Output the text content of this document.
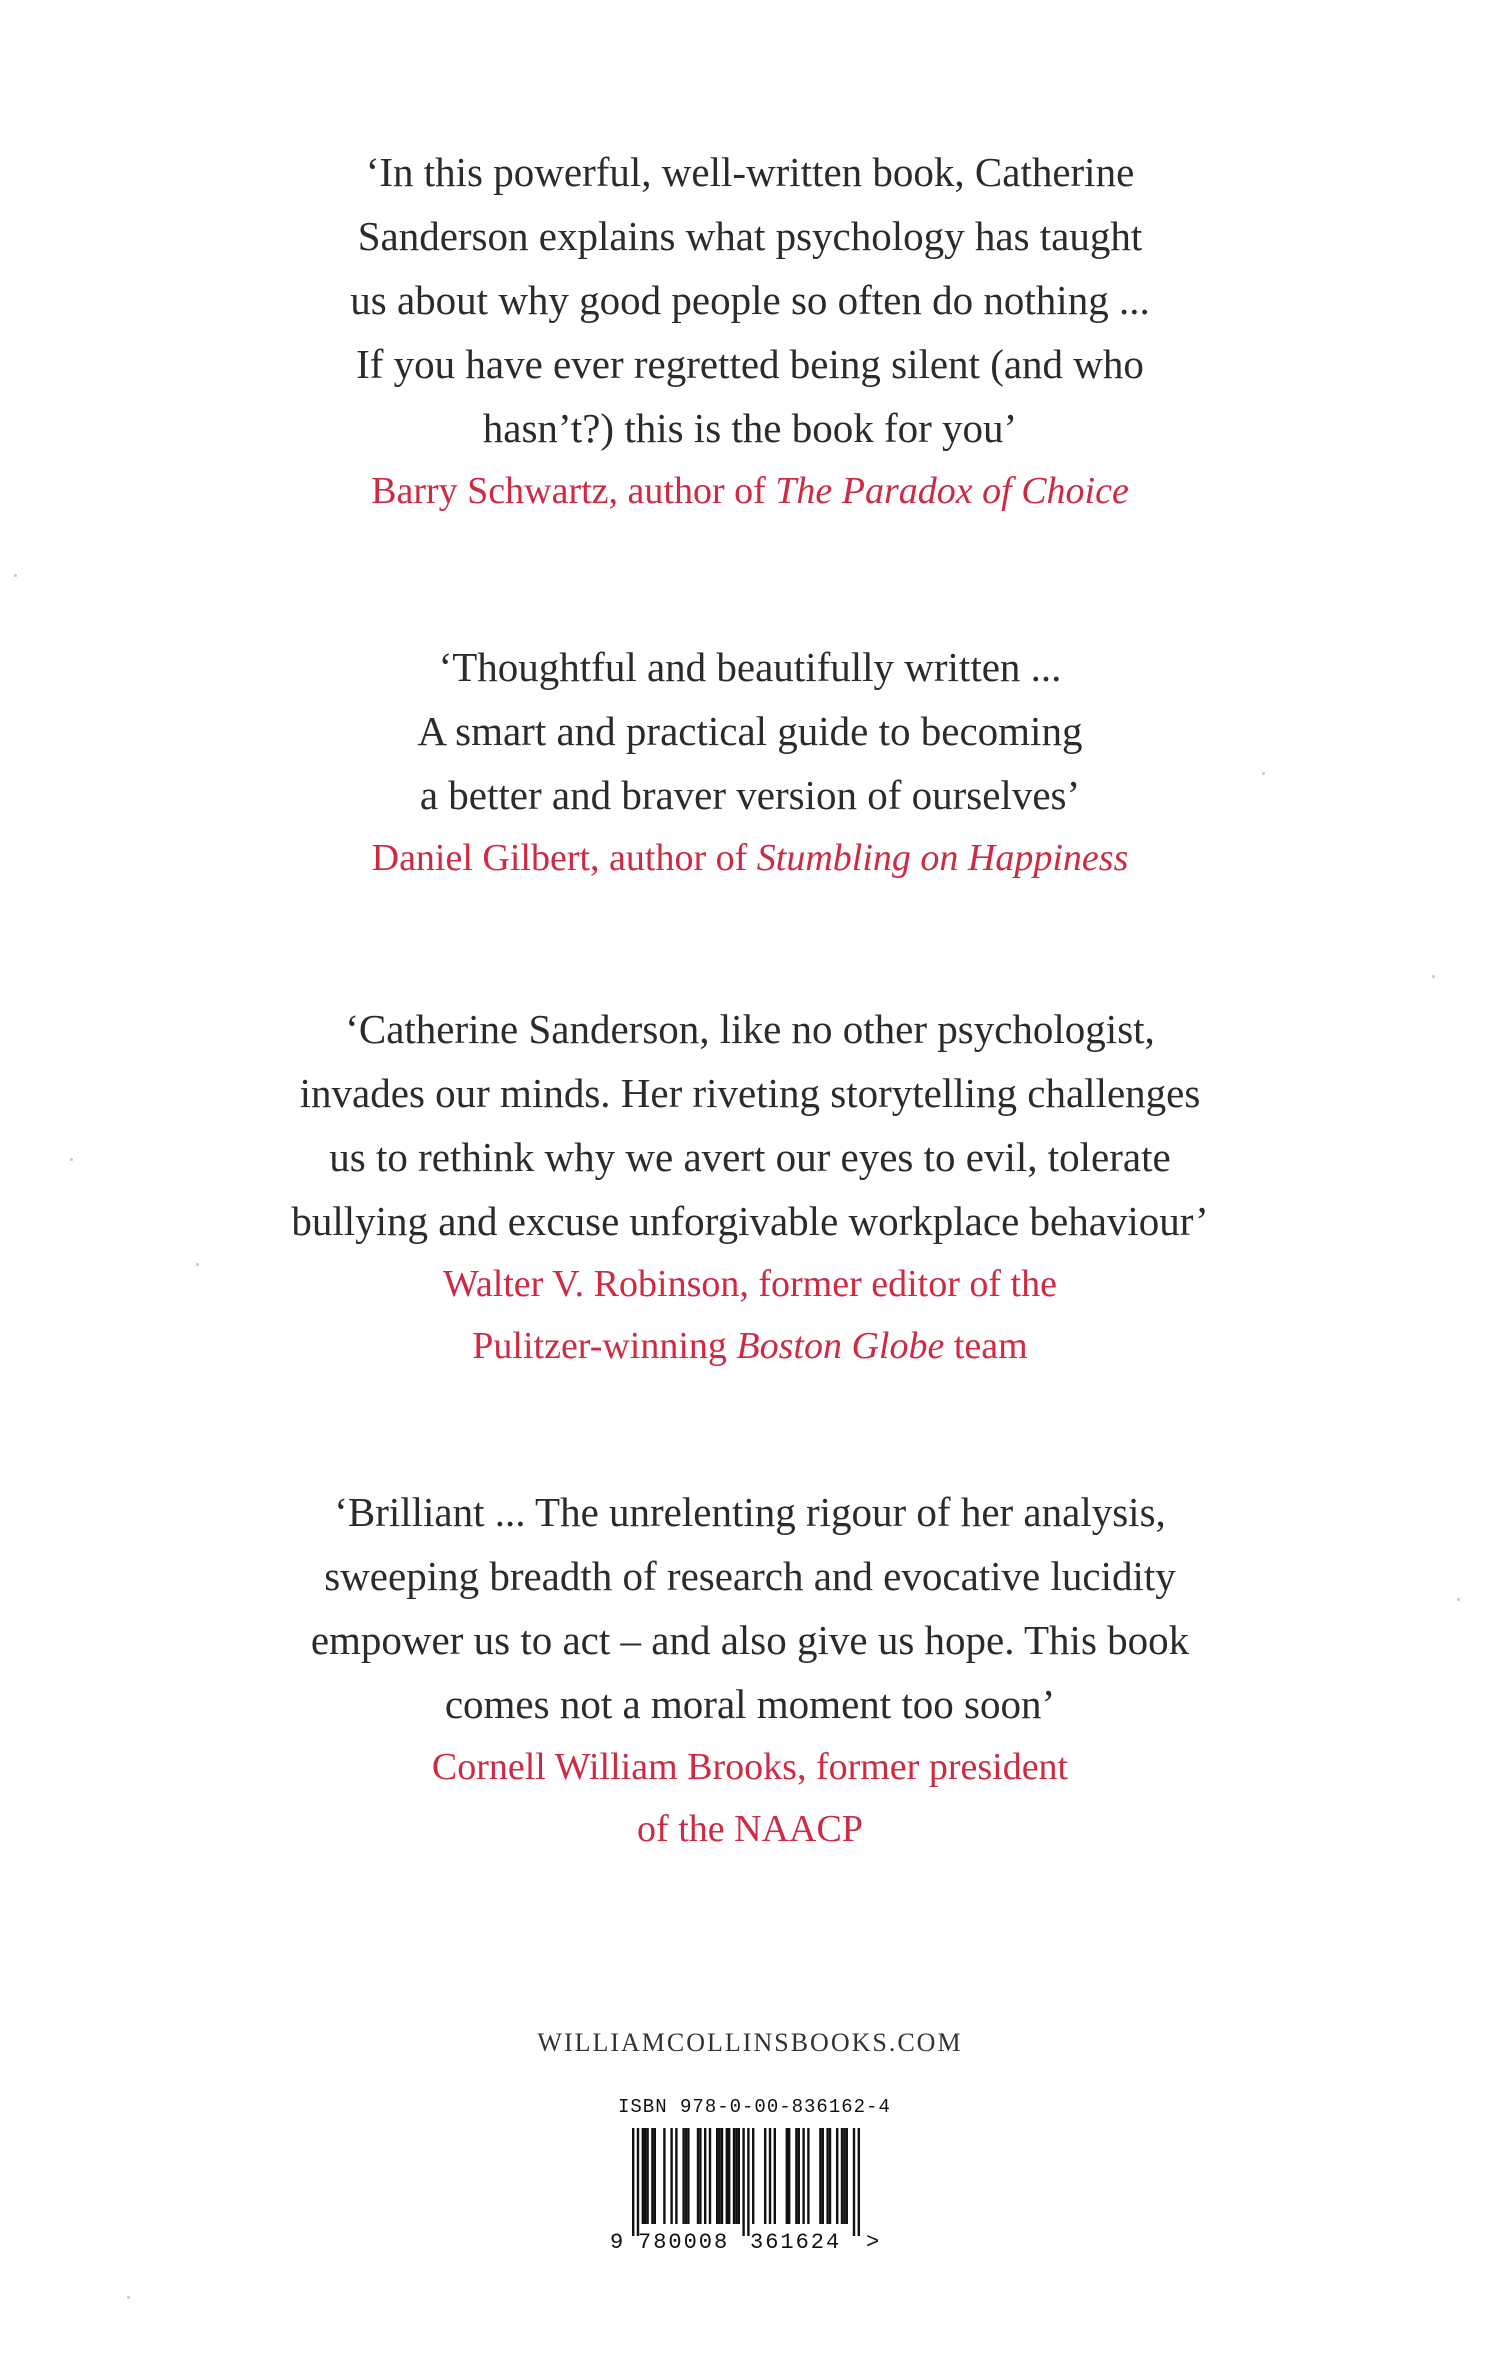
‘In this powerful, well-written book, Catherine
Sanderson explains what psychology has taught
us about why good people so often do nothing ...
If you have ever regretted being silent (and who
hasn’t?) this is the book for you’
Barry Schwartz, author of The Paradox of Choice
‘Thoughtful and beautifully written ...
A smart and practical guide to becoming
a better and braver version of ourselves’
Daniel Gilbert, author of Stumbling on Happiness
‘Catherine Sanderson, like no other psychologist,
invades our minds. Her riveting storytelling challenges
us to rethink why we avert our eyes to evil, tolerate
bullying and excuse unforgivable workplace behaviour’
Walter V. Robinson, former editor of the
Pulitzer-winning Boston Globe team
‘Brilliant ... The unrelenting rigour of her analysis,
sweeping breadth of research and evocative lucidity
empower us to act – and also give us hope. This book
comes not a moral moment too soon’
Cornell William Brooks, former president
of the NAACP
WILLIAMCOLLINSBOOKS.COM
ISBN 978-0-00-836162-4
9 780008 361624 >
